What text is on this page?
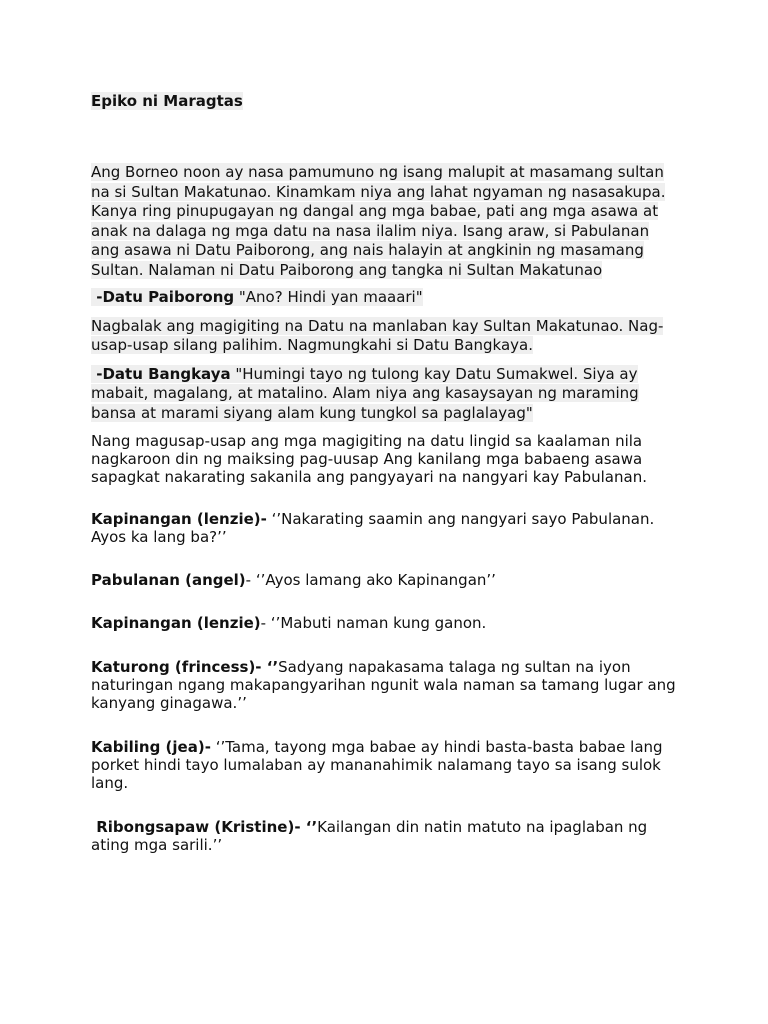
Epiko ni Maragtas

Ang Borneo noon ay nasa pamumuno ng isang malupit at masamang sultan na si Sultan Makatunao. Kinamkam niya ang lahat ngyaman ng nasasakupa. Kanya ring pinupugayan ng dangal ang mga babae, pati ang mga asawa at anak na dalaga ng mga datu na nasa ilalim niya. Isang araw, si Pabulanan ang asawa ni Datu Paiborong, ang nais halayin at angkinin ng masamang Sultan. Nalaman ni Datu Paiborong ang tangka ni Sultan Makatunao

-Datu Paiborong "Ano? Hindi yan maaari"

Nagbalak ang magigiting na Datu na manlaban kay Sultan Makatunao. Nag-usap-usap silang palihim. Nagmungkahi si Datu Bangkaya.

-Datu Bangkaya "Humingi tayo ng tulong kay Datu Sumakwel. Siya ay mabait, magalang, at matalino. Alam niya ang kasaysayan ng maraming bansa at marami siyang alam kung tungkol sa paglalayag"

Nang magusap-usap ang mga magigiting na datu lingid sa kaalaman nila nagkaroon din ng maiksing pag-uusap Ang kanilang mga babaeng asawa sapagkat nakarating sakanila ang pangyayari na nangyari kay Pabulanan.

Kapinangan (lenzie)- ‘’Nakarating saamin ang nangyari sayo Pabulanan. Ayos ka lang ba?’’

Pabulanan (angel)- ‘’Ayos lamang ako Kapinangan’’

Kapinangan (lenzie)- ‘’Mabuti naman kung ganon.

Katurong (frincess)- ‘’Sadyang napakasama talaga ng sultan na iyon naturingan ngang makapangyarihan ngunit wala naman sa tamang lugar ang kanyang ginagawa.’’

Kabiling (jea)- ‘’Tama, tayong mga babae ay hindi basta-basta babae lang porket hindi tayo lumalaban ay mananahimik nalamang tayo sa isang sulok lang.

Ribongsapaw (Kristine)- ‘’Kailangan din natin matuto na ipaglaban ng ating mga sarili.’’
